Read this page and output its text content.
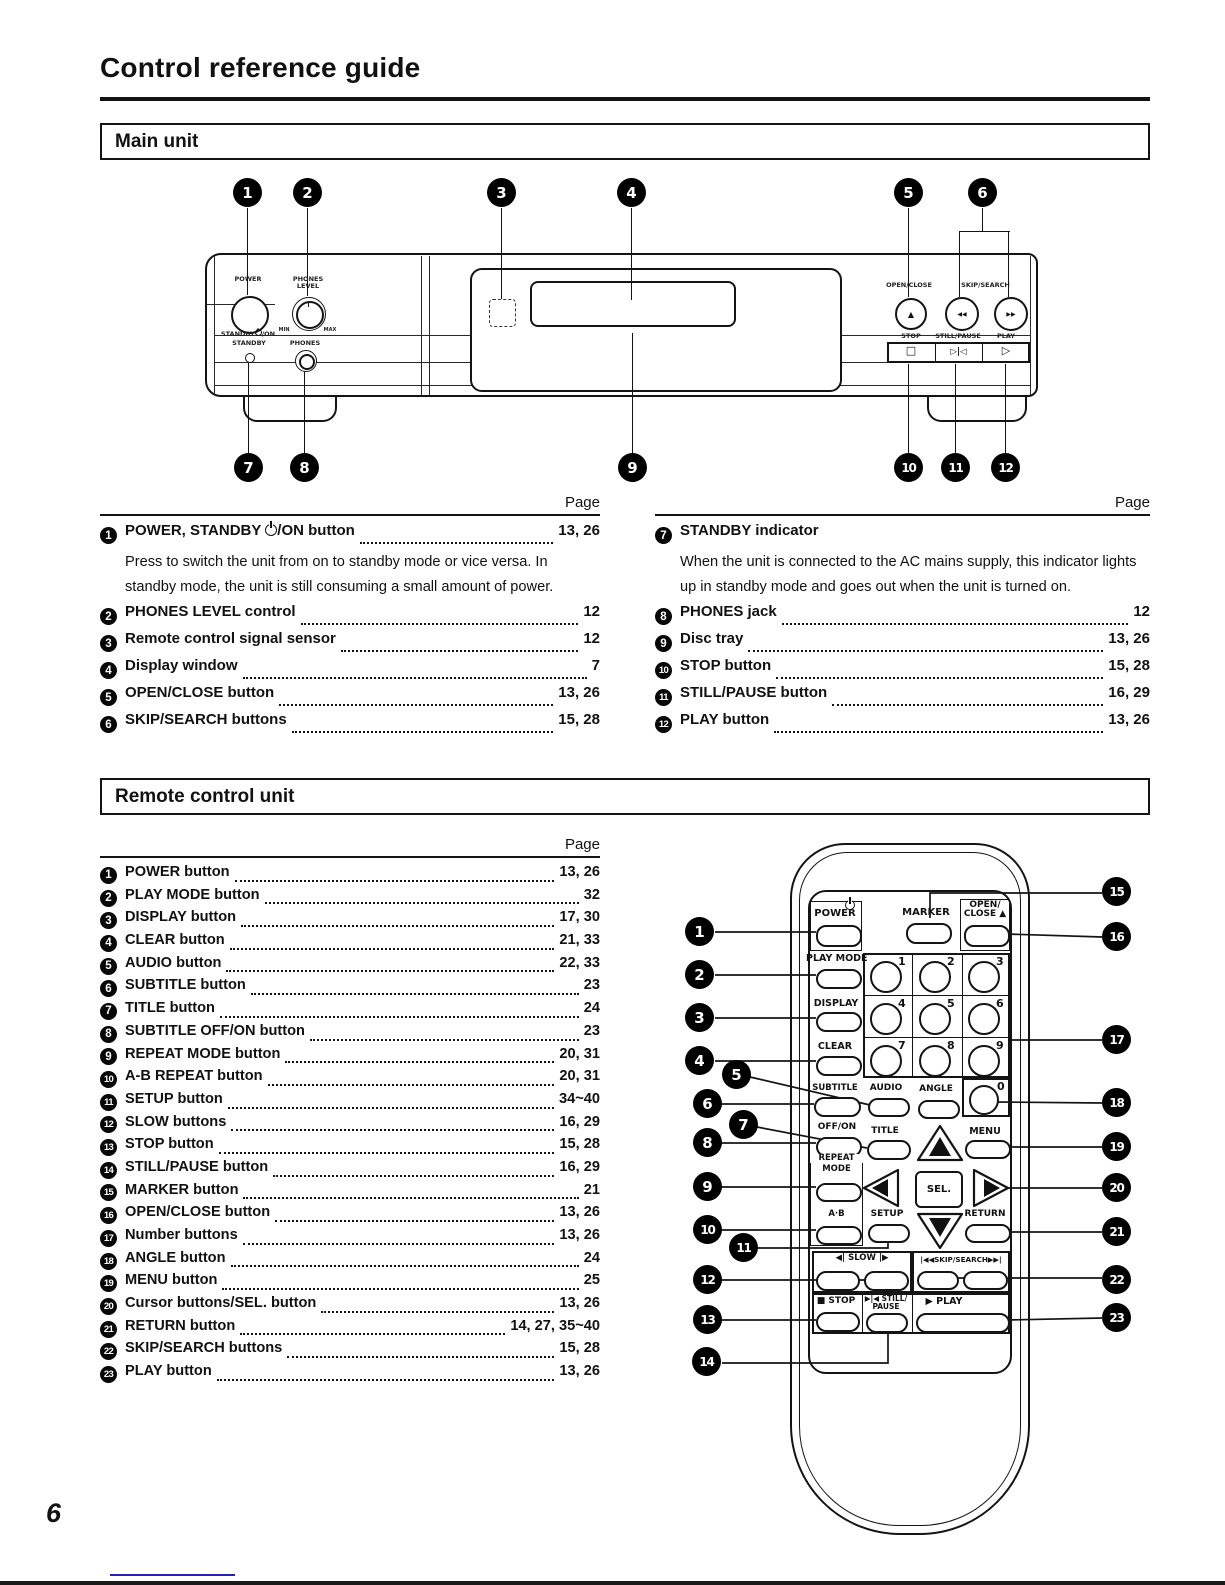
Control reference guide
Main unit
POWER
STANDBY /ON
STANDBY
PHONES LEVEL
MIN	MAX
PHONES
OPEN/CLOSE
▲
SKIP/SEARCH
◀◀	▶▶
STOP	STILL/PAUSE	PLAY
□	▷|◁	▷
1	2	3	4	5	6
7	8	9	10	11	12
Page
1 POWER, STANDBY /ON button	13, 26
Press to switch the unit from on to standby mode or vice versa. In standby mode, the unit is still consuming a small amount of power.
2 PHONES LEVEL control	12
3 Remote control signal sensor	12
4 Display window	7
5 OPEN/CLOSE button	13, 26
6 SKIP/SEARCH buttons	15, 28
Page
7 STANDBY indicator
When the unit is connected to the AC mains supply, this indicator lights up in standby mode and goes out when the unit is turned on.
8 PHONES jack	12
9 Disc tray	13, 26
10 STOP button	15, 28
11 STILL/PAUSE button	16, 29
12 PLAY button	13, 26
Remote control unit
Page
1 POWER button	13, 26
2 PLAY MODE button	32
3 DISPLAY button	17, 30
4 CLEAR button	21, 33
5 AUDIO button	22, 33
6 SUBTITLE button	23
7 TITLE button	24
8 SUBTITLE OFF/ON button	23
9 REPEAT MODE button	20, 31
10 A-B REPEAT button	20, 31
11 SETUP button	34~40
12 SLOW buttons	16, 29
13 STOP button	15, 28
14 STILL/PAUSE button	16, 29
15 MARKER button	21
16 OPEN/CLOSE button	13, 26
17 Number buttons	13, 26
18 ANGLE button	24
19 MENU button	25
20 Cursor buttons/SEL. button	13, 26
21 RETURN button	14, 27, 35~40
22 SKIP/SEARCH buttons	15, 28
23 PLAY button	13, 26
POWER	MARKER
OPEN/
CLOSE ▲
PLAY MODE
DISPLAY
CLEAR
1	2	3
4	5	6
7	8	9
0
SUBTITLE	AUDIO	ANGLE
OFF/ON	TITLE	MENU
SEL.
REPEAT
MODE
A·B	SETUP	RETURN
◀| SLOW |▶	|◀◀SKIP/SEARCH▶▶|
■ STOP	▶|◀ STILL/
PAUSE	▶ PLAY
1
2
3
4
5
6
7
8
9
10
11
12
13
14
15
16
17
18
19
20
21
22
23
6
